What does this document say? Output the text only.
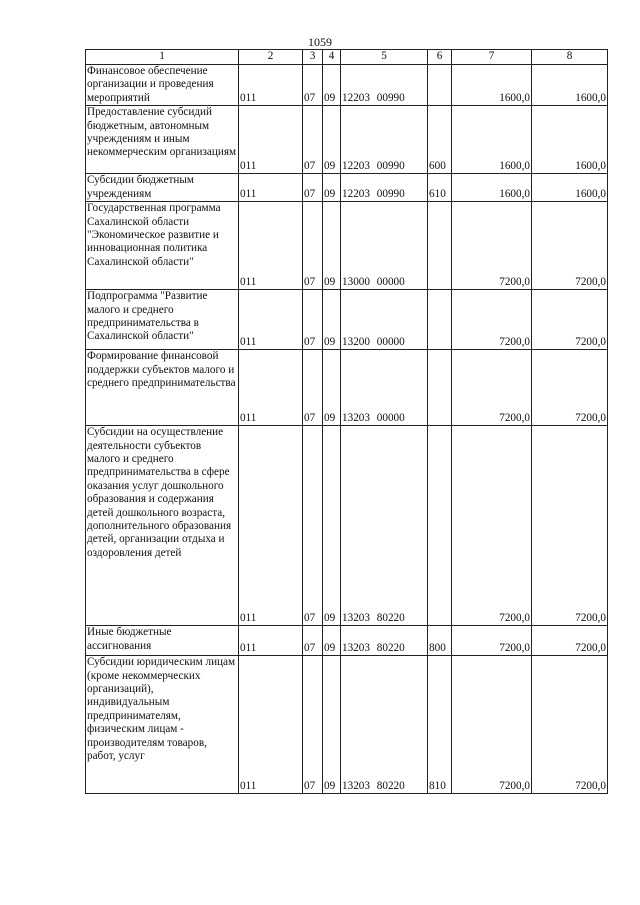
1059
1	2	3	4	5	6	7	8
Финансовое обеспечение организации и проведения мероприятий	011	07	09	12203 00990		1600,0	1600,0
Предоставление субсидий бюджетным, автономным учреждениям и иным некоммерческим организациям	011	07	09	12203 00990	600	1600,0	1600,0
Субсидии бюджетным учреждениям	011	07	09	12203 00990	610	1600,0	1600,0
Государственная программа Сахалинской области "Экономическое развитие и инновационная политика Сахалинской области"	011	07	09	13000 00000		7200,0	7200,0
Подпрограмма "Развитие малого и среднего предпринимательства в Сахалинской области"	011	07	09	13200 00000		7200,0	7200,0
Формирование финансовой поддержки субъектов малого и среднего предпринимательства	011	07	09	13203 00000		7200,0	7200,0
Субсидии на осуществление деятельности субъектов малого и среднего предпринимательства в сфере оказания услуг дошкольного образования и содержания детей дошкольного возраста, дополнительного образования детей, организации отдыха и оздоровления детей	011	07	09	13203 80220		7200,0	7200,0
Иные бюджетные ассигнования	011	07	09	13203 80220	800	7200,0	7200,0
Субсидии юридическим лицам (кроме некоммерческих организаций), индивидуальным предпринимателям, физическим лицам - производителям товаров, работ, услуг	011	07	09	13203 80220	810	7200,0	7200,0
